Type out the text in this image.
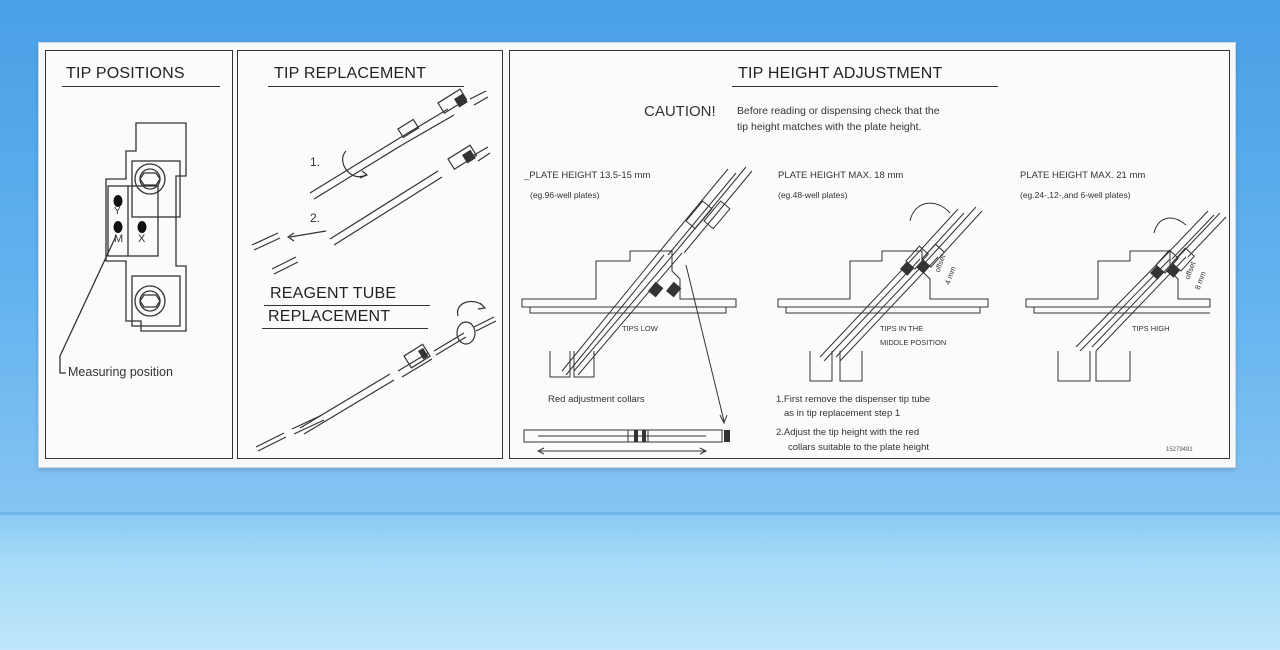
TIP POSITIONS
Y
M X
Measuring position
TIP REPLACEMENT
1.
2.
REAGENT TUBE
REPLACEMENT
TIP HEIGHT ADJUSTMENT
CAUTION! Before reading or dispensing check that the
tip height matches with the plate height.
_PLATE HEIGHT 13.5-15 mm
(eg.96-well plates)
PLATE HEIGHT MAX. 18 mm
(eg.48-well plates)
PLATE HEIGHT MAX. 21 mm
(eg.24-,12-,and 6-well plates)
TIPS LOW	TIPS IN THE
MIDDLE POSITION
offset
4 mm
TIPS HIGH
offset
8 mm
Red adjustment collars	1.First remove the dispenser tip tube
as in tip replacement step 1
2.Adjust the tip height with the red
collars suitable to the plate height	15279491
